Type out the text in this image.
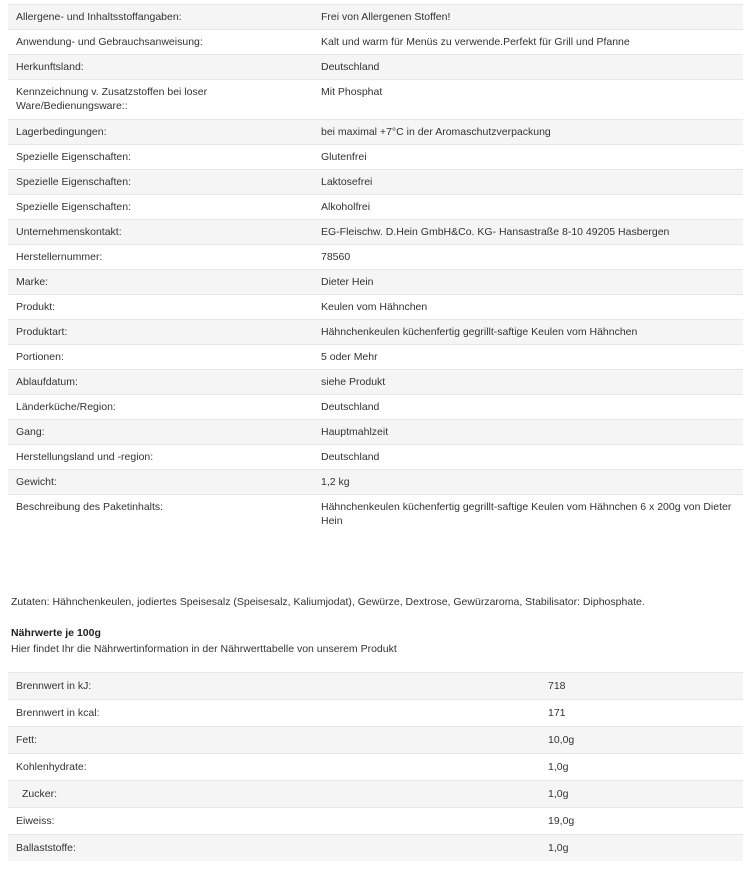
Allergene- und Inhaltsstoffangaben:	Frei von Allergenen Stoffen!
Anwendung- und Gebrauchsanweisung:	Kalt und warm für Menüs zu verwende.Perfekt für Grill und Pfanne
Herkunftsland:	Deutschland
Kennzeichnung v. Zusatzstoffen bei loser Ware/Bedienungsware::	Mit Phosphat
Lagerbedingungen:	bei maximal +7°C in der Aromaschutzverpackung
Spezielle Eigenschaften:	Glutenfrei
Spezielle Eigenschaften:	Laktosefrei
Spezielle Eigenschaften:	Alkoholfrei
Unternehmenskontakt:	EG-Fleischw. D.Hein GmbH&Co. KG- Hansastraße 8-10 49205 Hasbergen
Herstellernummer:	78560
Marke:	Dieter Hein
Produkt:	Keulen vom Hähnchen
Produktart:	Hähnchenkeulen küchenfertig gegrillt-saftige Keulen vom Hähnchen
Portionen:	5 oder Mehr
Ablaufdatum:	siehe Produkt
Länderküche/Region:	Deutschland
Gang:	Hauptmahlzeit
Herstellungsland und -region:	Deutschland
Gewicht:	1,2 kg
Beschreibung des Paketinhalts:	Hähnchenkeulen küchenfertig gegrillt-saftige Keulen vom Hähnchen 6 x 200g von Dieter Hein
Zutaten: Hähnchenkeulen, jodiertes Speisesalz (Speisesalz, Kaliumjodat), Gewürze, Dextrose, Gewürzaroma, Stabilisator: Diphosphate.
Nährwerte je 100g
Hier findet Ihr die Nährwertinformation in der Nährwerttabelle von unserem Produkt
Brennwert in kJ:	718
Brennwert in kcal:	171
Fett:	10,0g
Kohlenhydrate:	1,0g
Zucker:	1,0g
Eiweiss:	19,0g
Ballaststoffe:	1,0g
